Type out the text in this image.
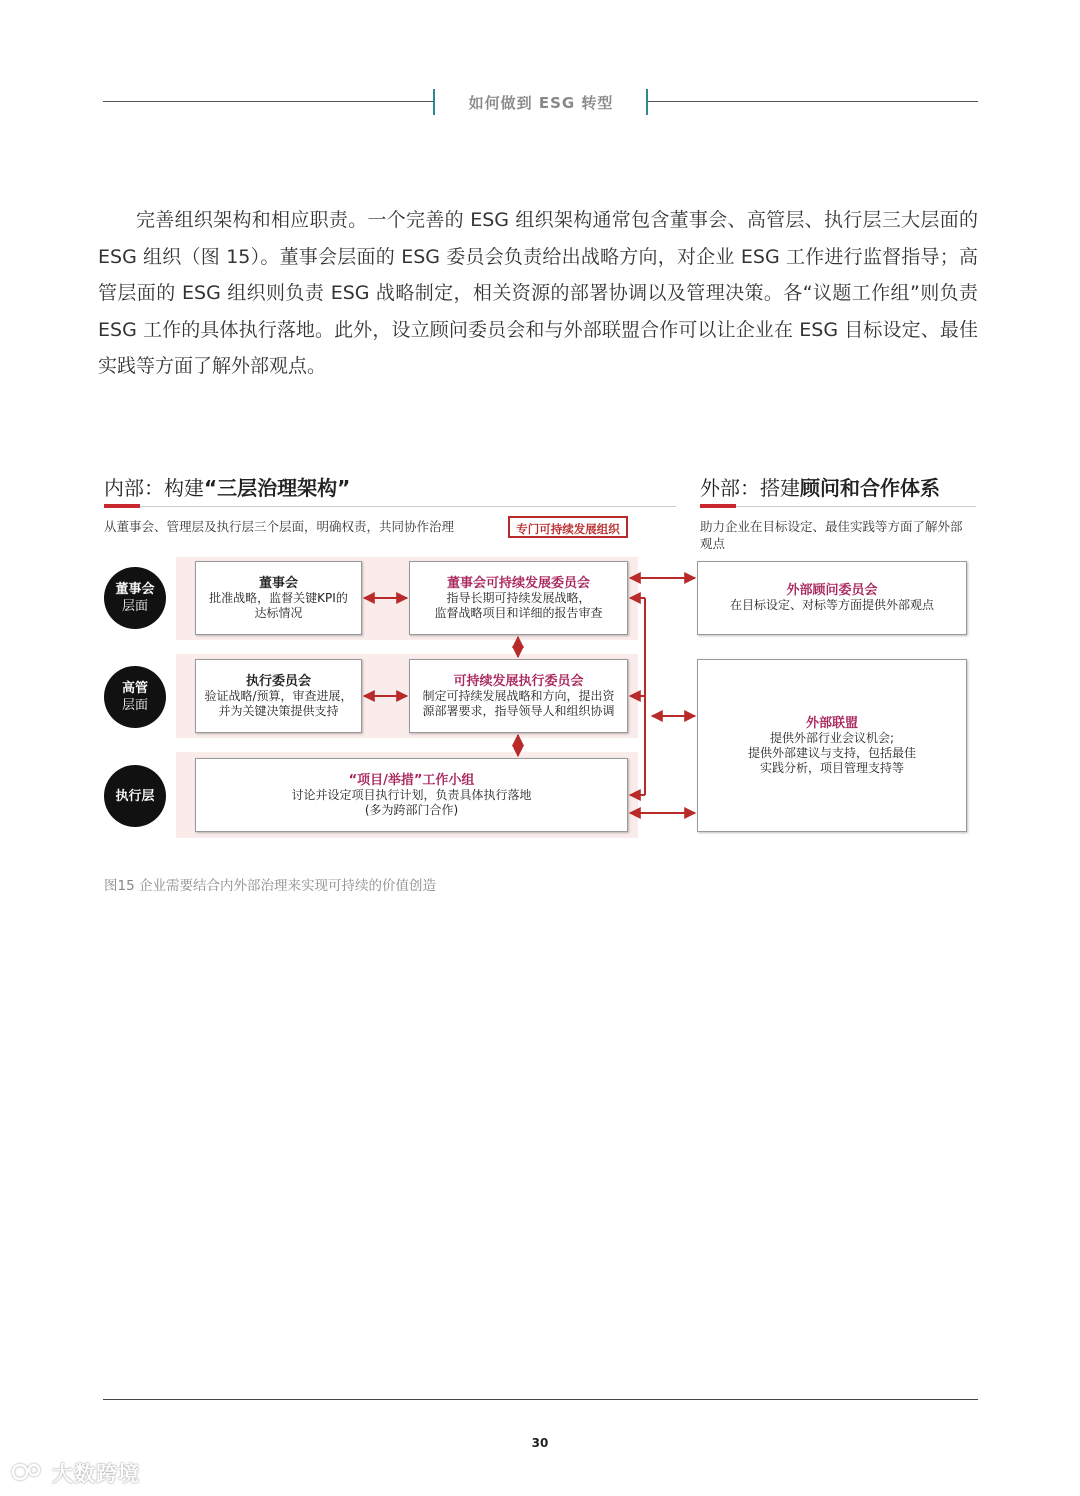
如何做到 ESG 转型

完善组织架构和相应职责。一个完善的 ESG 组织架构通常包含董事会、高管层、执行层三大层面的 ESG 组织（图 15）。董事会层面的 ESG 委员会负责给出战略方向，对企业 ESG 工作进行监督指导；高管层面的 ESG 组织则负责 ESG 战略制定，相关资源的部署协调以及管理决策。各“议题工作组”则负责 ESG 工作的具体执行落地。此外，设立顾问委员会和与外部联盟合作可以让企业在 ESG 目标设定、最佳实践等方面了解外部观点。

内部：构建“三层治理架构”	外部：搭建顾问和合作体系
从董事会、管理层及执行层三个层面，明确权责，共同协作治理	专门可持续发展组织	助力企业在目标设定、最佳实践等方面了解外部观点
董事会
层面
高管
层面
执行层
董事会
批准战略，监督关键KPI的
达标情况
董事会可持续发展委员会
指导长期可持续发展战略，
监督战略项目和详细的报告审查
执行委员会
验证战略/预算，审查进展，
并为关键决策提供支持
可持续发展执行委员会
制定可持续发展战略和方向，提出资
源部署要求，指导领导人和组织协调
“项目/举措”工作小组
讨论并设定项目执行计划，负责具体执行落地
(多为跨部门合作)
外部顾问委员会
在目标设定、对标等方面提供外部观点
外部联盟
提供外部行业会议机会;
提供外部建议与支持，包括最佳
实践分析，项目管理支持等
图15 企业需要结合内外部治理来实现可持续的价值创造
30
大数跨境
